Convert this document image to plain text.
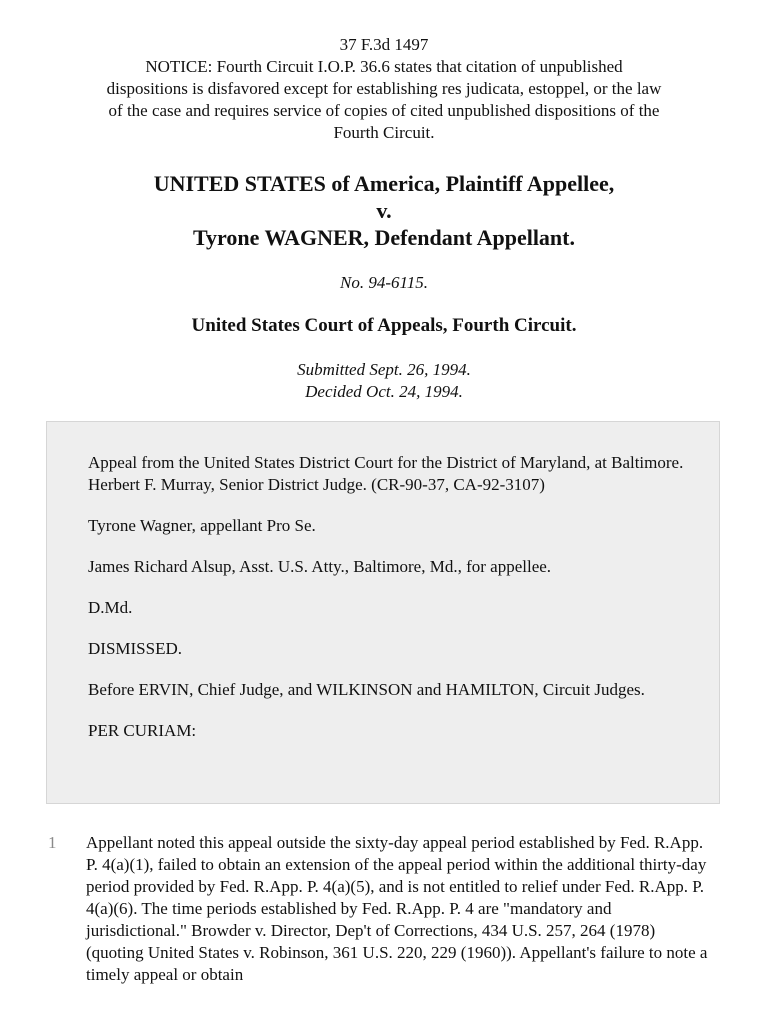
37 F.3d 1497
NOTICE: Fourth Circuit I.O.P. 36.6 states that citation of unpublished
dispositions is disfavored except for establishing res judicata, estoppel, or the law
of the case and requires service of copies of cited unpublished dispositions of the
Fourth Circuit.
UNITED STATES of America, Plaintiff Appellee,
v.
Tyrone WAGNER, Defendant Appellant.
No. 94-6115.
United States Court of Appeals, Fourth Circuit.
Submitted Sept. 26, 1994.
Decided Oct. 24, 1994.

Appeal from the United States District Court for the District of Maryland, at Baltimore. Herbert F. Murray, Senior District Judge. (CR-90-37, CA-92-3107)

Tyrone Wagner, appellant Pro Se.

James Richard Alsup, Asst. U.S. Atty., Baltimore, Md., for appellee.

D.Md.

DISMISSED.

Before ERVIN, Chief Judge, and WILKINSON and HAMILTON, Circuit Judges.

PER CURIAM:

1 Appellant noted this appeal outside the sixty-day appeal period established by Fed. R.App. P. 4(a)(1), failed to obtain an extension of the appeal period within the additional thirty-day period provided by Fed. R.App. P. 4(a)(5), and is not entitled to relief under Fed. R.App. P. 4(a)(6). The time periods established by Fed. R.App. P. 4 are "mandatory and jurisdictional." Browder v. Director, Dep't of Corrections, 434 U.S. 257, 264 (1978) (quoting United States v. Robinson, 361 U.S. 220, 229 (1960)). Appellant's failure to note a timely appeal or obtain
